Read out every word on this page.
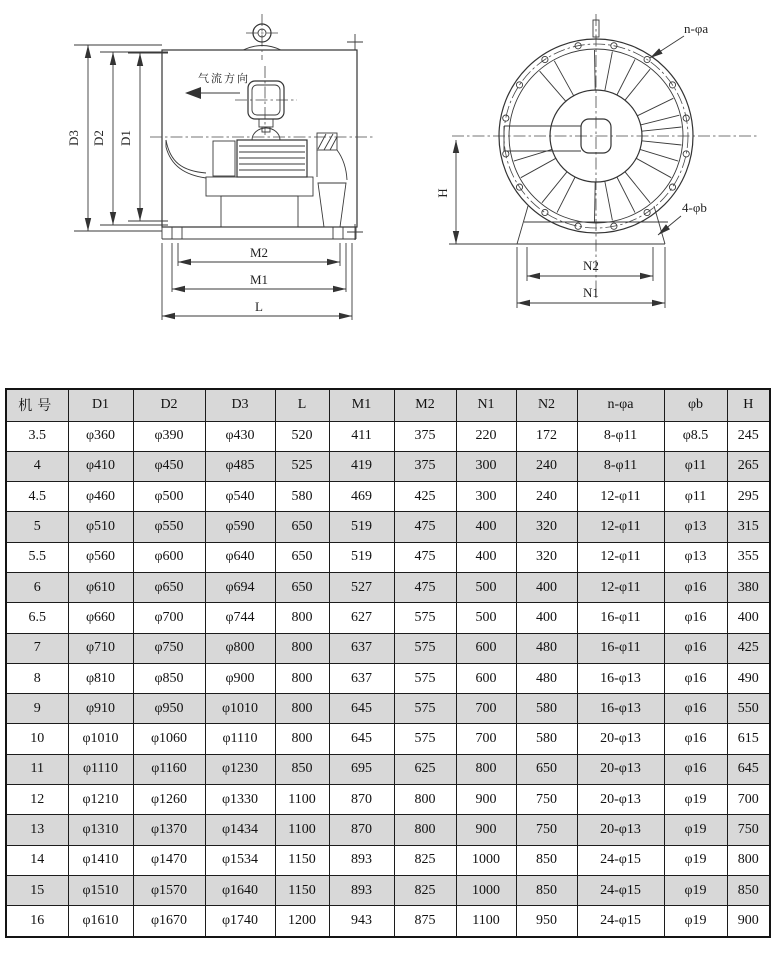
气流方向
D3 D2 D1
M2
M1
L
n-φa
4-φb
H
N2
N1
机号	D1	D2	D3	L	M1	M2	N1	N2	n-φa	φb	H
3.5	φ360	φ390	φ430	520	411	375	220	172	8-φ11	φ8.5	245
4	φ410	φ450	φ485	525	419	375	300	240	8-φ11	φ11	265
4.5	φ460	φ500	φ540	580	469	425	300	240	12-φ11	φ11	295
5	φ510	φ550	φ590	650	519	475	400	320	12-φ11	φ13	315
5.5	φ560	φ600	φ640	650	519	475	400	320	12-φ11	φ13	355
6	φ610	φ650	φ694	650	527	475	500	400	12-φ11	φ16	380
6.5	φ660	φ700	φ744	800	627	575	500	400	16-φ11	φ16	400
7	φ710	φ750	φ800	800	637	575	600	480	16-φ11	φ16	425
8	φ810	φ850	φ900	800	637	575	600	480	16-φ13	φ16	490
9	φ910	φ950	φ1010	800	645	575	700	580	16-φ13	φ16	550
10	φ1010	φ1060	φ1110	800	645	575	700	580	20-φ13	φ16	615
11	φ1110	φ1160	φ1230	850	695	625	800	650	20-φ13	φ16	645
12	φ1210	φ1260	φ1330	1100	870	800	900	750	20-φ13	φ19	700
13	φ1310	φ1370	φ1434	1100	870	800	900	750	20-φ13	φ19	750
14	φ1410	φ1470	φ1534	1150	893	825	1000	850	24-φ15	φ19	800
15	φ1510	φ1570	φ1640	1150	893	825	1000	850	24-φ15	φ19	850
16	φ1610	φ1670	φ1740	1200	943	875	1100	950	24-φ15	φ19	900
